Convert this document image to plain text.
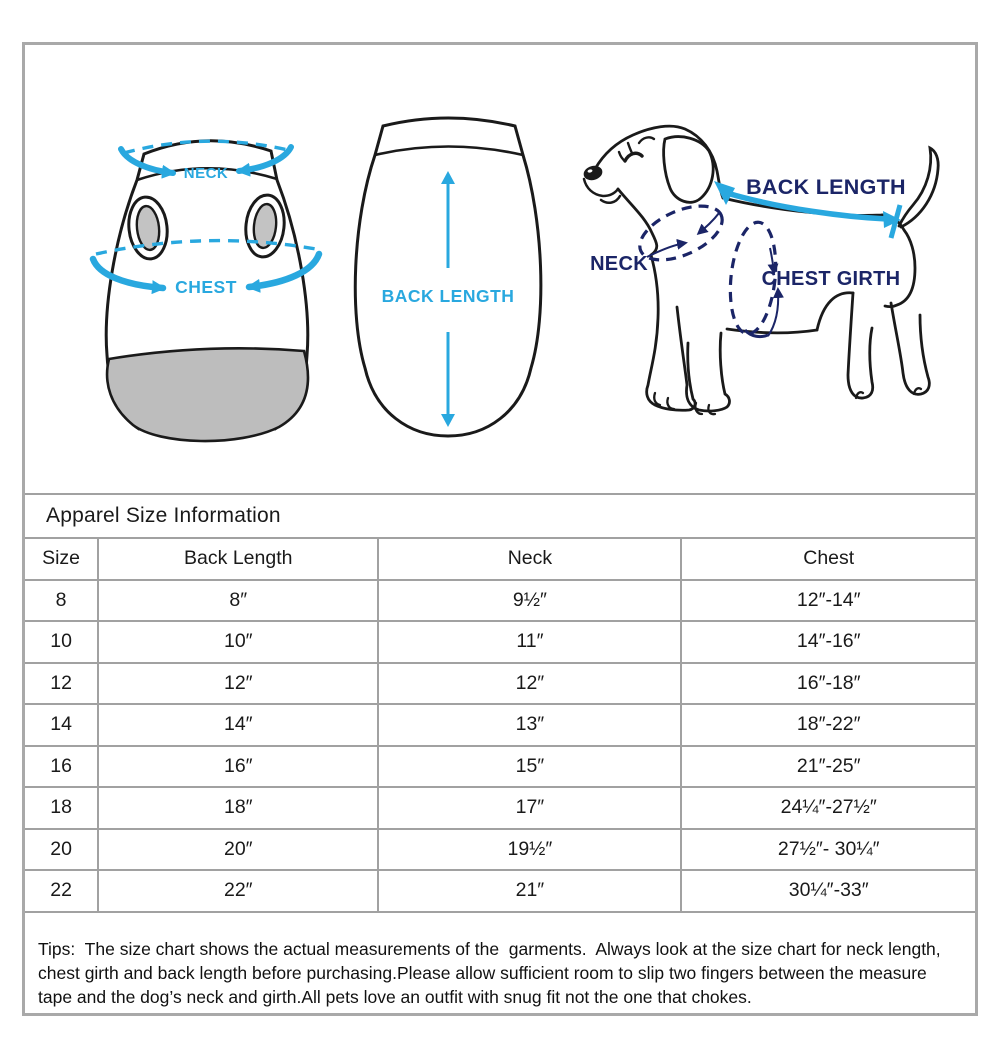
NECK
CHEST	BACK LENGTH
BACK LENGTH
NECK
CHEST GIRTH
Apparel Size Information
Size	Back Length	Neck	Chest
8	8″	9½″	12″-14″
10	10″	11″	14″-16″
12	12″	12″	16″-18″
14	14″	13″	18″-22″
16	16″	15″	21″-25″
18	18″	17″	24¼″-27½″
20	20″	19½″	27½″- 30¼″
22	22″	21″	30¼″-33″

Tips:  The size chart shows the actual measurements of the  garments.  Always look at the size chart for neck length, chest girth and back length before purchasing.Please allow sufficient room to slip two fingers between the measure tape and the dog’s neck and girth.All pets love an outfit with snug fit not the one that chokes.
